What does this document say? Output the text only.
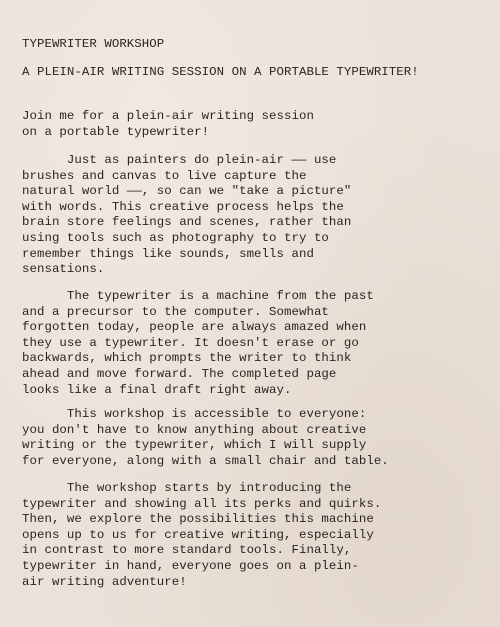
TYPEWRITER WORKSHOP
A PLEIN-AIR WRITING SESSION ON A PORTABLE TYPEWRITER!
Join me for a plein-air writing session
on a portable typewriter!
Just as painters do plein-air —— use
brushes and canvas to live capture the
natural world ——, so can we "take a picture"
with words. This creative process helps the
brain store feelings and scenes, rather than
using tools such as photography to try to
remember things like sounds, smells and
sensations.
The typewriter is a machine from the past
and a precursor to the computer. Somewhat
forgotten today, people are always amazed when
they use a typewriter. It doesn't erase or go
backwards, which prompts the writer to think
ahead and move forward. The completed page
looks like a final draft right away.
This workshop is accessible to everyone:
you don't have to know anything about creative
writing or the typewriter, which I will supply
for everyone, along with a small chair and table.
The workshop starts by introducing the
typewriter and showing all its perks and quirks.
Then, we explore the possibilities this machine
opens up to us for creative writing, especially
in contrast to more standard tools. Finally,
typewriter in hand, everyone goes on a plein-
air writing adventure!
